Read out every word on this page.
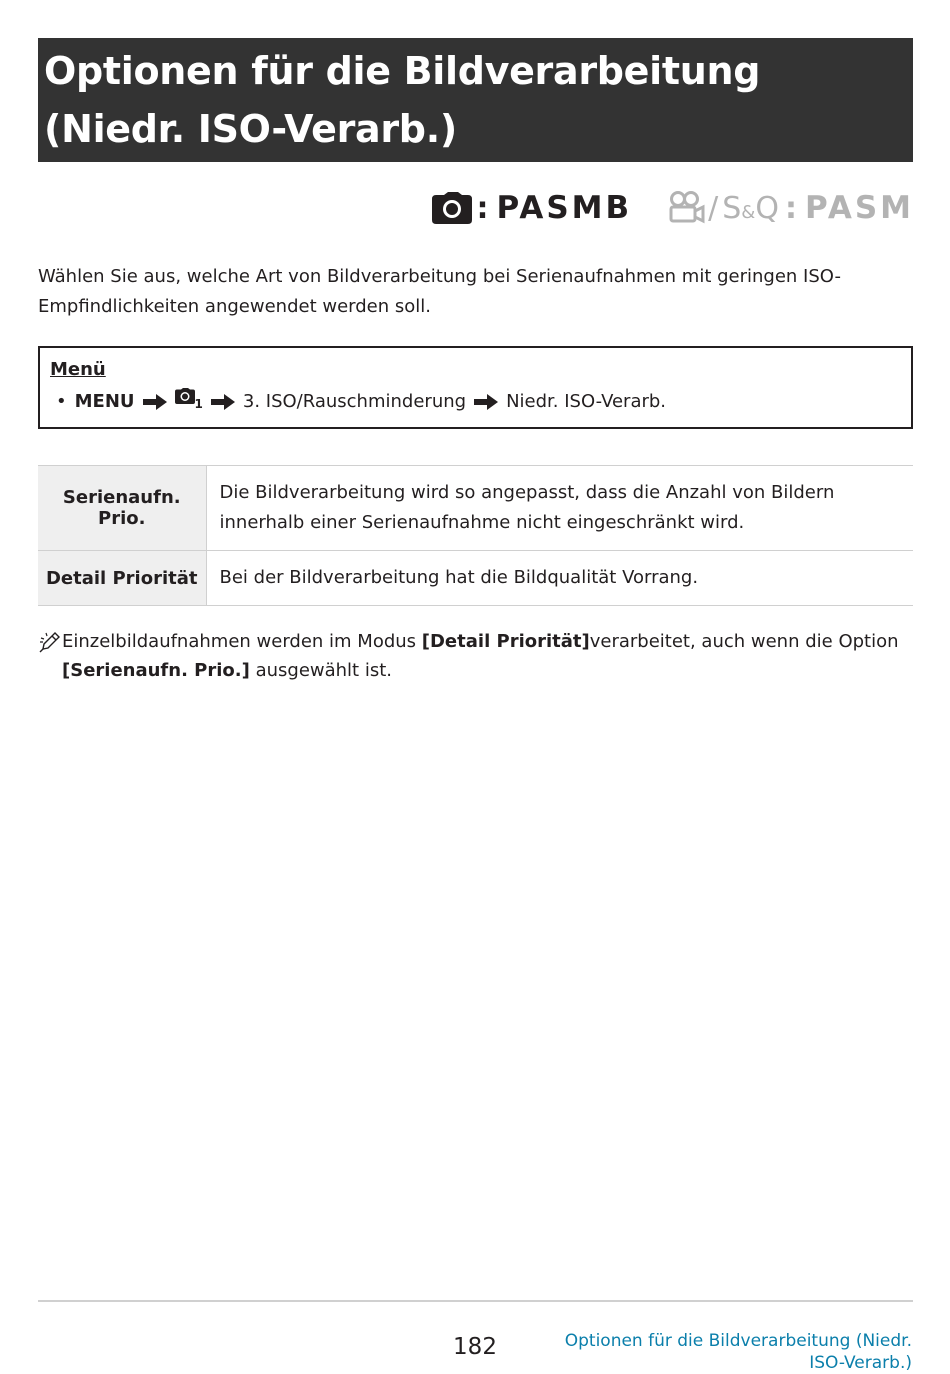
Optionen für die Bildverarbeitung (Niedr. ISO-Verarb.)
: PASMB	/ S&Q : PASM

Wählen Sie aus, welche Art von Bildverarbeitung bei Serienaufnahmen mit geringen ISO-Empfindlichkeiten angewendet werden soll.

Menü
• MENU	$_1$ 3. ISO/Rauschminderung Niedr. ISO-Verarb.
Serienaufn. Prio.	Die Bildverarbeitung wird so angepasst, dass die Anzahl von Bildern innerhalb einer Serienaufnahme nicht eingeschränkt wird.
Detail Priorität	Bei der Bildverarbeitung hat die Bildqualität Vorrang.
Einzelbildaufnahmen werden im Modus [Detail Priorität]verarbeitet, auch wenn die Option
[Serienaufn. Prio.] ausgewählt ist.
182	Optionen für die Bildverarbeitung (Niedr. ISO-Verarb.)
